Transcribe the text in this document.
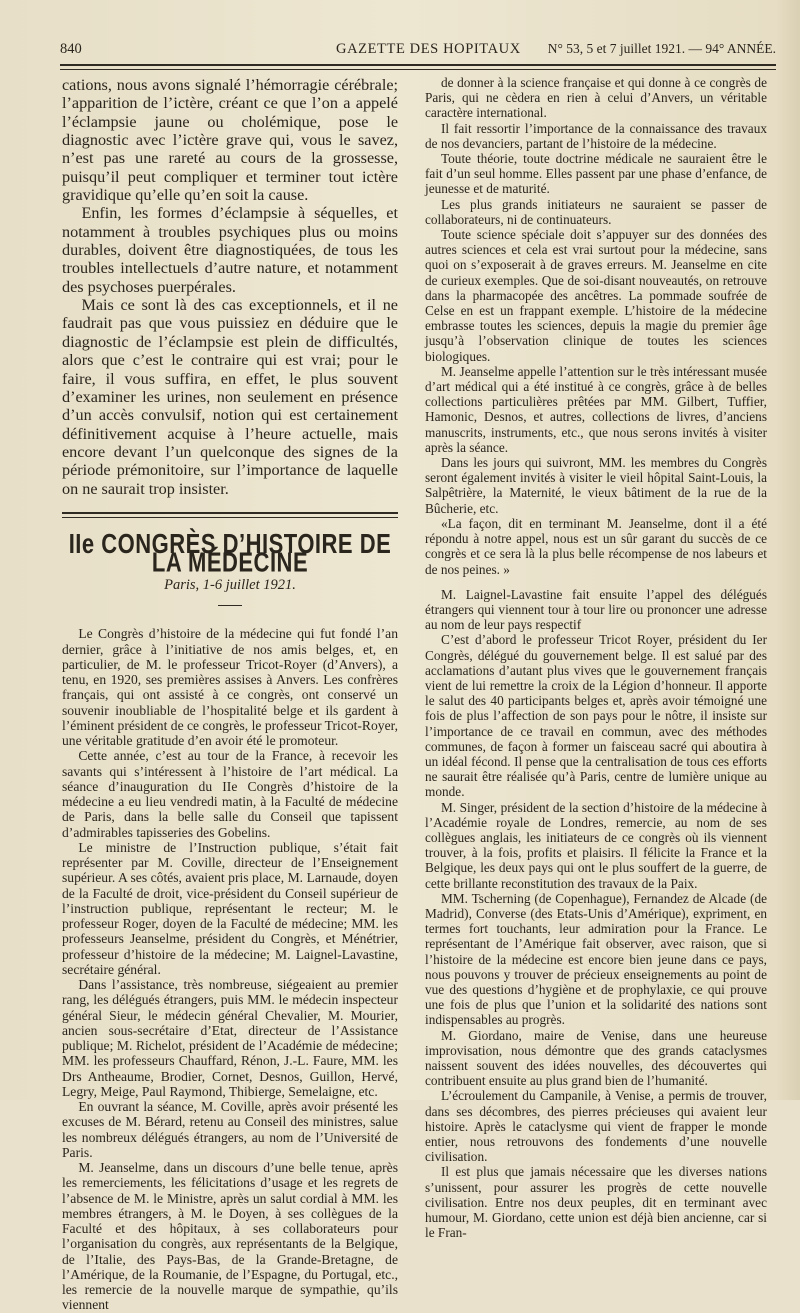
840	GAZETTE DES HOPITAUX N° 53, 5 et 7 juillet 1921. — 94° ANNÉE.

cations, nous avons signalé l’hémorragie cérébrale; l’apparition de l’ictère, créant ce que l’on a appelé l’éclampsie jaune ou cholémique, pose le diagnostic avec l’ictère grave qui, vous le savez, n’est pas une rareté au cours de la grossesse, puisqu’il peut compliquer et terminer tout ictère gravidique qu’elle qu’en soit la cause.

Enfin, les formes d’éclampsie à séquelles, et notamment à troubles psychiques plus ou moins durables, doivent être diagnostiquées, de tous les troubles intellectuels d’autre nature, et notamment des psychoses puerpérales.

Mais ce sont là des cas exceptionnels, et il ne faudrait pas que vous puissiez en déduire que le diagnostic de l’éclampsie est plein de difficultés, alors que c’est le contraire qui est vrai; pour le faire, il vous suffira, en effet, le plus souvent d’examiner les urines, non seulement en présence d’un accès convulsif, notion qui est certainement définitivement acquise à l’heure actuelle, mais encore devant l’un quelconque des signes de la période prémonitoire, sur l’importance de laquelle on ne saurait trop insister.

IIe CONGRÈS D’HISTOIRE DE LA MÉDECINE
Paris, 1-6 juillet 1921.

Le Congrès d’histoire de la médecine qui fut fondé l’an dernier, grâce à l’initiative de nos amis belges, et, en particulier, de M. le professeur Tricot-Royer (d’Anvers), a tenu, en 1920, ses premières assises à Anvers. Les confrères français, qui ont assisté à ce congrès, ont conservé un souvenir inoubliable de l’hospitalité belge et ils gardent à l’éminent président de ce congrès, le professeur Tricot-Royer, une véritable gratitude d’en avoir été le promoteur.

Cette année, c’est au tour de la France, à recevoir les savants qui s’intéressent à l’histoire de l’art médical. La séance d’inauguration du IIe Congrès d’histoire de la médecine a eu lieu vendredi matin, à la Faculté de médecine de Paris, dans la belle salle du Conseil que tapissent d’admirables tapisseries des Gobelins.

Le ministre de l’Instruction publique, s’était fait représenter par M. Coville, directeur de l’Enseignement supérieur. A ses côtés, avaient pris place, M. Larnaude, doyen de la Faculté de droit, vice-président du Conseil supérieur de l’instruction publique, représentant le recteur; M. le professeur Roger, doyen de la Faculté de médecine; MM. les professeurs Jeanselme, président du Congrès, et Ménétrier, professeur d’histoire de la médecine; M. Laignel-Lavastine, secrétaire général.

Dans l’assistance, très nombreuse, siégeaient au premier rang, les délégués étrangers, puis MM. le médecin inspecteur général Sieur, le médecin général Chevalier, M. Mourier, ancien sous-secrétaire d’Etat, directeur de l’Assistance publique; M. Richelot, président de l’Académie de médecine; MM. les professeurs Chauffard, Rénon, J.-L. Faure, MM. les Drs Antheaume, Brodier, Cornet, Desnos, Guillon, Hervé, Legry, Meige, Paul Raymond, Thibierge, Semelaigne, etc.

En ouvrant la séance, M. Coville, après avoir présenté les excuses de M. Bérard, retenu au Conseil des ministres, salue les nombreux délégués étrangers, au nom de l’Université de Paris.

M. Jeanselme, dans un discours d’une belle tenue, après les remerciements, les félicitations d’usage et les regrets de l’absence de M. le Ministre, après un salut cordial à MM. les membres étrangers, à M. le Doyen, à ses collègues de la Faculté et des hôpitaux, à ses collaborateurs pour l’organisation du congrès, aux représentants de la Belgique, de l’Italie, des Pays-Bas, de la Grande-Bretagne, de l’Amérique, de la Roumanie, de l’Espagne, du Portugal, etc., les remercie de la nouvelle marque de sympathie, qu’ils viennent

de donner à la science française et qui donne à ce congrès de Paris, qui ne cèdera en rien à celui d’Anvers, un véritable caractère international.

Il fait ressortir l’importance de la connaissance des travaux de nos devanciers, partant de l’histoire de la médecine.

Toute théorie, toute doctrine médicale ne sauraient être le fait d’un seul homme. Elles passent par une phase d’enfance, de jeunesse et de maturité.

Les plus grands initiateurs ne sauraient se passer de collaborateurs, ni de continuateurs.

Toute science spéciale doit s’appuyer sur des données des autres sciences et cela est vrai surtout pour la médecine, sans quoi on s’exposerait à de graves erreurs. M. Jeanselme en cite de curieux exemples. Que de soi-disant nouveautés, on retrouve dans la pharmacopée des ancêtres. La pommade soufrée de Celse en est un frappant exemple. L’histoire de la médecine embrasse toutes les sciences, depuis la magie du premier âge jusqu’à l’observation clinique de toutes les sciences biologiques.

M. Jeanselme appelle l’attention sur le très intéressant musée d’art médical qui a été institué à ce congrès, grâce à de belles collections particulières prêtées par MM. Gilbert, Tuffier, Hamonic, Desnos, et autres, collections de livres, d’anciens manuscrits, instruments, etc., que nous serons invités à visiter après la séance.

Dans les jours qui suivront, MM. les membres du Congrès seront également invités à visiter le vieil hôpital Saint-Louis, la Salpêtrière, la Maternité, le vieux bâtiment de la rue de la Bûcherie, etc.

«La façon, dit en terminant M. Jeanselme, dont il a été répondu à notre appel, nous est un sûr garant du succès de ce congrès et ce sera là la plus belle récompense de nos labeurs et de nos peines. »

M. Laignel-Lavastine fait ensuite l’appel des délégués étrangers qui viennent tour à tour lire ou prononcer une adresse au nom de leur pays respectif

C’est d’abord le professeur Tricot Royer, président du Ier Congrès, délégué du gouvernement belge. Il est salué par des acclamations d’autant plus vives que le gouvernement français vient de lui remettre la croix de la Légion d’honneur. Il apporte le salut des 40 participants belges et, après avoir témoigné une fois de plus l’affection de son pays pour le nôtre, il insiste sur l’importance de ce travail en commun, avec des méthodes communes, de façon à former un faisceau sacré qui aboutira à un idéal fécond. Il pense que la centralisation de tous ces efforts ne saurait être réalisée qu’à Paris, centre de lumière unique au monde.

M. Singer, président de la section d’histoire de la médecine à l’Académie royale de Londres, remercie, au nom de ses collègues anglais, les initiateurs de ce congrès où ils viennent trouver, à la fois, profits et plaisirs. Il félicite la France et la Belgique, les deux pays qui ont le plus souffert de la guerre, de cette brillante reconstitution des travaux de la Paix.

MM. Tscherning (de Copenhague), Fernandez de Alcade (de Madrid), Converse (des Etats-Unis d’Amérique), expriment, en termes fort touchants, leur admiration pour la France. Le représentant de l’Amérique fait observer, avec raison, que si l’histoire de la médecine est encore bien jeune dans ce pays, nous pouvons y trouver de précieux enseignements au point de vue des questions d’hygiène et de prophylaxie, ce qui prouve une fois de plus que l’union et la solidarité des nations sont indispensables au progrès.

M. Giordano, maire de Venise, dans une heureuse improvisation, nous démontre que des grands cataclysmes naissent souvent des idées nouvelles, des découvertes qui contribuent ensuite au plus grand bien de l’humanité.

L’écroulement du Campanile, à Venise, a permis de trouver, dans ses décombres, des pierres précieuses qui avaient leur histoire. Après le cataclysme qui vient de frapper le monde entier, nous retrouvons des fondements d’une nouvelle civilisation.

Il est plus que jamais nécessaire que les diverses nations s’unissent, pour assurer les progrès de cette nouvelle civilisation. Entre nos deux peuples, dit en terminant avec humour, M. Giordano, cette union est déjà bien ancienne, car si le Fran-
